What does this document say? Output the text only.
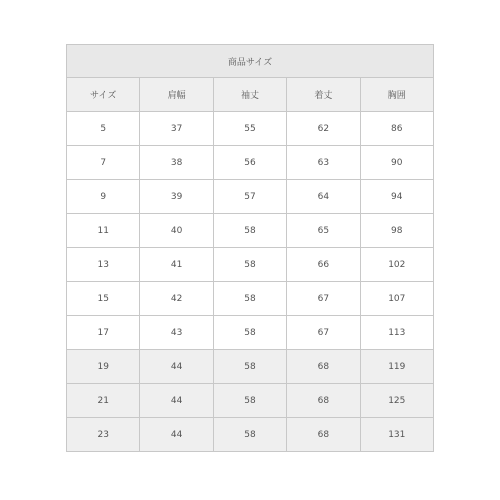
商品サイズ				
サイズ	肩幅	袖丈	着丈	胸囲
5	37	55	62	86
7	38	56	63	90
9	39	57	64	94
11	40	58	65	98
13	41	58	66	102
15	42	58	67	107
17	43	58	67	113
19	44	58	68	119
21	44	58	68	125
23	44	58	68	131
